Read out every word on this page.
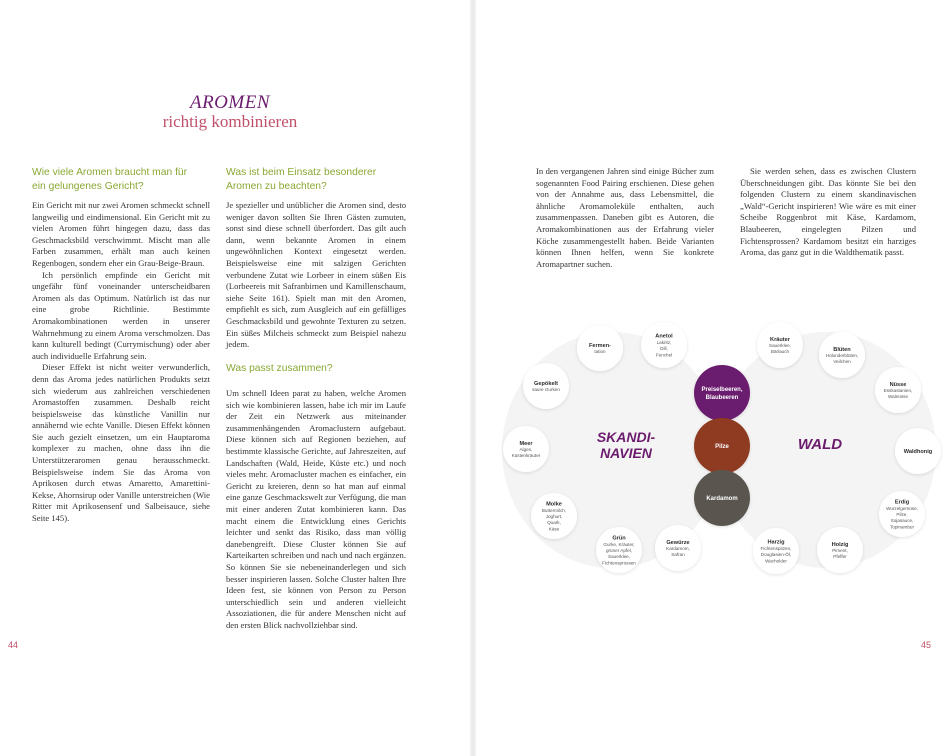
AROMEN
richtig kombinieren
Wie viele Aromen braucht man für
ein gelungenes Gericht?

Ein Gericht mit nur zwei Aromen schmeckt schnell langweilig und eindimensional. Ein Gericht mit zu vielen Aromen führt hingegen dazu, dass das Geschmacksbild verschwimmt. Mischt man alle Farben zusammen, erhält man auch keinen Regenbogen, sondern eher ein Grau-Beige-Braun.

Ich persönlich empfinde ein Gericht mit ungefähr fünf voneinander unterscheidbaren Aromen als das Optimum. Natürlich ist das nur eine grobe Richtlinie. Bestimmte Aromakombinationen werden in unserer Wahrnehmung zu einem Aroma verschmolzen. Das kann kulturell bedingt (Currymischung) oder aber auch individuelle Erfahrung sein.

Dieser Effekt ist nicht weiter verwunderlich, denn das Aroma jedes natürlichen Produkts setzt sich wiederum aus zahlreichen verschiedenen Aromastoffen zusammen. Deshalb reicht beispielsweise das künstliche Vanillin nur annähernd wie echte Vanille. Diesen Effekt können Sie auch gezielt einsetzen, um ein Hauptaroma komplexer zu machen, ohne dass ihn die Unterstützeraromen genau herausschmeckt. Beispielsweise indem Sie das Aroma von Aprikosen durch etwas Amaretto, Amarettini-Kekse, Ahornsirup oder Vanille unterstreichen (Wie Ritter mit Aprikosensenf und Salbeisauce, siehe Seite 145).

Was ist beim Einsatz besonderer
Aromen zu beachten?

Je spezieller und unüblicher die Aromen sind, desto weniger davon sollten Sie Ihren Gästen zumuten, sonst sind diese schnell überfordert. Das gilt auch dann, wenn bekannte Aromen in einem ungewöhnlichen Kontext eingesetzt werden. Beispielsweise eine mit salzigen Gerichten verbundene Zutat wie Lorbeer in einem süßen Eis (Lorbeereis mit Safranbirnen und Kamillenschaum, siehe Seite 161). Spielt man mit den Aromen, empfiehlt es sich, zum Ausgleich auf ein gefälliges Geschmacksbild und gewohnte Texturen zu setzen. Ein süßes Milcheis schmeckt zum Beispiel nahezu jedem.

Was passt zusammen?

Um schnell Ideen parat zu haben, welche Aromen sich wie kombinieren lassen, habe ich mir im Laufe der Zeit ein Netzwerk aus miteinander zusammenhängenden Aromaclustern aufgebaut. Diese können sich auf Regionen beziehen, auf bestimmte klassische Gerichte, auf Jahreszeiten, auf Landschaften (Wald, Heide, Küste etc.) und noch vieles mehr. Aromacluster machen es einfacher, ein Gericht zu kreieren, denn so hat man auf einmal eine ganze Geschmackswelt zur Verfügung, die man mit einer anderen Zutat kombinieren kann. Das macht einem die Entwicklung eines Gerichts leichter und senkt das Risiko, dass man völlig danebengreift. Diese Cluster können Sie auf Karteikarten schreiben und nach und nach ergänzen. So können Sie sie nebeneinanderlegen und sich besser inspirieren lassen. Solche Cluster halten Ihre Ideen fest, sie können von Person zu Person unterschiedlich sein und anderen vielleicht Assoziationen, die für andere Menschen nicht auf den ersten Blick nachvollziehbar sind.

In den vergangenen Jahren sind einige Bücher zum sogenannten Food Pairing erschienen. Diese gehen von der Annahme aus, dass Lebensmittel, die ähnliche Aromamoleküle enthalten, auch zusammenpassen. Daneben gibt es Autoren, die Aromakombinationen aus der Erfahrung vieler Köche zusammengestellt haben. Beide Varianten können Ihnen helfen, wenn Sie konkrete Aromapartner suchen.

Sie werden sehen, dass es zwischen Clustern Überschneidungen gibt. Das könnte Sie bei den folgenden Clustern zu einem skandinavischen „Wald“-Gericht inspirieren! Wie wäre es mit einer Scheibe Roggenbrot mit Käse, Kardamom, Blaubeeren, eingelegten Pilzen und Fichtensprossen? Kardamom besitzt ein harziges Aroma, das ganz gut in die Waldthematik passt.

44	45
SKANDI-
NAVIEN	WALD
Preiselbeeren,
Blaubeeren
Pilze
Kardamom
Fermen-
tation
Anetol
Lakritz,
Dill,
Fenchel
Gepökelt
saure Gurken
Meer
Algen,
Küstenkräuter
Molke
Buttermilch,
Joghurt,
Quark,
Käse
Grün
Gurke, Kräuter,
grüner Apfel,
Sauerklee,
Fichtensprossen
Gewürze
Kardamom,
Safran
Kräuter
Sauerklee,
Bärlauch	Blüten
Holunderblüten,
Veilchen
Nüsse
Esskastanien,
Walnüsse
Waldhonig
Erdig
Wurzelgemüse,
Pilze,
Sojasauce,
Topinambur
Holzig
Piment,
Pfeffer
Harzig
Fichtenspitzen,
Douglasien-Öl,
Wacholder
